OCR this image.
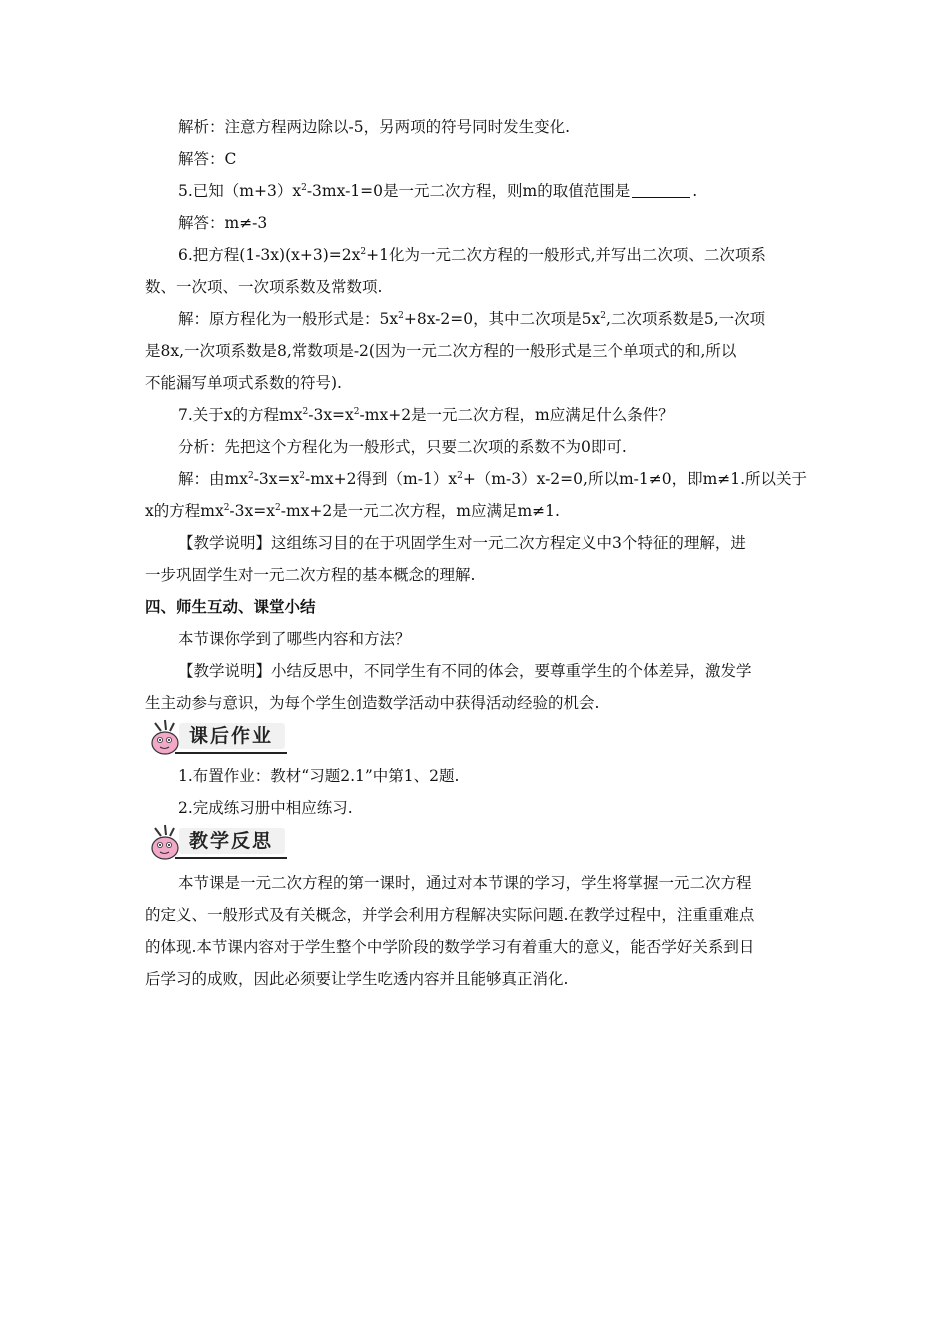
解析：注意方程两边除以-5，另两项的符号同时发生变化.
解答：C
5.已知$(m+3)x^2-3mx-1=0$是一元二次方程，则m的取值范围是	.
解答：m≠-3
6.把方程$(1-3x)(x+3)=2x^2+1$化为一元二次方程的一般形式,并写出二次项、二次项系
数、一次项、一次项系数及常数项.
解：原方程化为一般形式是：$5x^2+8x-2=0$，其中二次项是$5x^2$,二次项系数是5,一次项
是8x,一次项系数是8,常数项是-2(因为一元二次方程的一般形式是三个单项式的和,所以
不能漏写单项式系数的符号).
7.关于x的方程$mx^2-3x=x^2-mx+2$是一元二次方程，m应满足什么条件？
分析：先把这个方程化为一般形式，只要二次项的系数不为0即可.
解：由$mx^2-3x=x^2-mx+2$得到$(m-1)x^2+(m-3)x-2=0$,所以m-1≠0，即m≠1.所以关于
x的方程$mx^2-3x=x^2-mx+2$是一元二次方程，m应满足m≠1.
【教学说明】这组练习目的在于巩固学生对一元二次方程定义中3个特征的理解，进
一步巩固学生对一元二次方程的基本概念的理解.
四、师生互动、课堂小结
本节课你学到了哪些内容和方法？
【教学说明】小结反思中，不同学生有不同的体会，要尊重学生的个体差异，激发学
生主动参与意识，为每个学生创造数学活动中获得活动经验的机会.
课后作业
1.布置作业：教材“习题2.1”中第1、2题.
2.完成练习册中相应练习.
教学反思
本节课是一元二次方程的第一课时，通过对本节课的学习，学生将掌握一元二次方程
的定义、一般形式及有关概念，并学会利用方程解决实际问题.在教学过程中，注重重难点
的体现.本节课内容对于学生整个中学阶段的数学学习有着重大的意义，能否学好关系到日
后学习的成败，因此必须要让学生吃透内容并且能够真正消化.
